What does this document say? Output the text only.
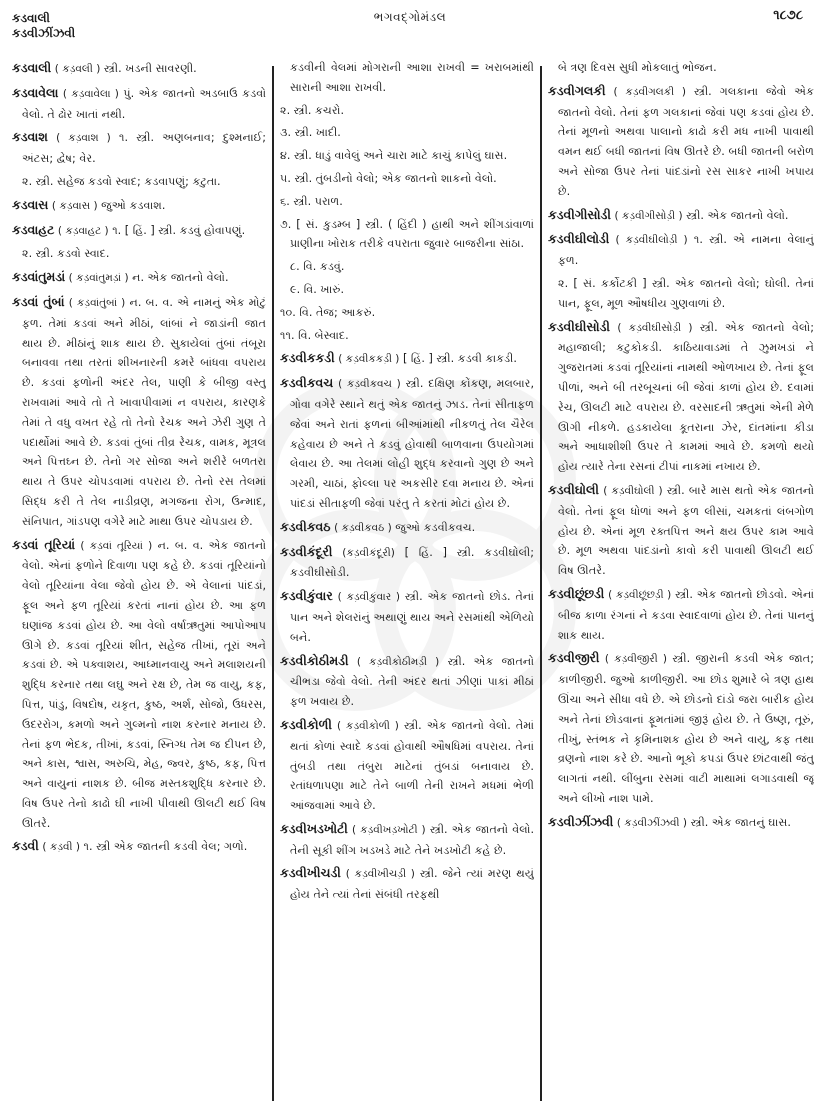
કડવાલી
કડવીઝીંઝવી
ભગવદ્ગોમંડલ	૧૮૭૮
કડવાલી ( કડ઼વલી ) સ્ત્રી. ખડની સાવરણી.
કડવાવેલા ( કડ઼વાવેલા ) પું. એક જાતનો અડબાઉ કડવો વેલો. તે ઢોર ખાતાં નથી.
કડવાશ ( કડ઼વાશ ) ૧. સ્ત્રી. અણબનાવ; દુશ્મનાઈ; અંટસ; દ્વેષ; વેર.
૨. સ્ત્રી. સહેજ કડવો સ્વાદ; કડવાપણું; કટુતા.
કડવાસ ( કડ઼વાસ ) જુઓ કડવાશ.
કડવાહટ ( કડ઼વાહટ ) ૧. [ હિં. ] સ્ત્રી. કડવું હોવાપણું.
૨. સ્ત્રી. કડવો સ્વાદ.
કડવાંતુમડાં ( કડ઼વાંતુમડ઼ાં ) ન. એક જાતનો વેલો.
કડવાં તુંબાં ( કડ઼વાંતુંબાં ) ન. બ. વ. એ નામનું એક મોટું ફળ. તેમાં કડવાં અને મીઠાં, લાંબાં ને જાડાંની જાત થાય છે. મીઠાંનું શાક થાય છે. સુકાયેલાં તુંબાં તંબૂરા બનાવવા તથા તરતાં શીખનારની કમરે બાંધવા વપરાય છે. કડવાં ફળોની અંદર તેલ, પાણી કે બીજી વસ્તુ રાખવામાં આવે તો તે ખાવાપીવામાં ન વપરાય, કારણકે તેમાં તે વધુ વખત રહે તો તેનો રેચક અને ઝેરી ગુણ તે પદાર્થોમાં આવે છે. કડવાં તુંબાં તીવ્ર રેચક, વામક, મૂત્રલ અને પિત્તઘ્ન છે. તેનો ગર સોજા અને શરીરે બળતરા થાય તે ઉપર ચોપડવામાં વપરાય છે. તેનો રસ તેલમાં સિદ્ધ કરી તે તેલ નાડીવ્રણ, મગજના રોગ, ઉન્માદ, સંનિપાત, ગાંડપણ વગેરે માટે માથા ઉપર ચોપડાય છે.
કડવાં તૂરિયાં ( કડ઼વાં તૂરિયાં ) ન. બ. વ. એક જાતનો વેલો. એનાં ફળોને દિવાળા પણ કહે છે. કડવાં તૂરિયાંનો વેલો તૂરિયાંના વેલા જેવો હોય છે. એ વેલાનાં પાંદડાં, ફૂલ અને ફળ તૂરિયાં કરતાં નાનાં હોય છે. આ ફળ ઘણાંજ કડવાં હોય છે. આ વેલો વર્ષાઋતુમાં આપોઆપ ઊગે છે. કડવાં તૂરિયાં શીત, સહેજ તીખાં, તૂરાં અને કડવાં છે. એ પક્વાશય, આધ્માનવાયુ અને મલાશયની શુદ્ધિ કરનાર તથા લઘુ અને રક્ષ છે, તેમ જ વાયુ, કફ, પિત્ત, પાંડુ, વિષદોષ, યકૃત, કુષ્ઠ, અર્શ, સોજો, ઉધરસ, ઉદરરોગ, કમળો અને ગુલ્મનો નાશ કરનાર મનાય છે. તેનાં ફળ ભેદક, તીખાં, કડવાં, સ્નિગ્ધ તેમ જ દીપન છે, અને કાસ, શ્વાસ, અરુચિ, મેહ, જ્વર, કુષ્ઠ, કફ, પિત્ત અને વાયુનાં નાશક છે. બીજ મસ્તકશુદ્ધિ કરનાર છે. વિષ ઉપર તેનો કાઢો ઘી નાખી પીવાથી ઊલટી થઈ વિષ ઊતરે.
કડવી ( કડ઼વી ) ૧. સ્ત્રી એક જાતની કડવી વેલ; ગળો.
કડવીની વેલમાં મોગરાની આશા રાખવી = ખરાબમાંથી સારાની આશા રાખવી.
૨. સ્ત્રી. કચરો.
૩. સ્ત્રી. ખાદી.
૪. સ્ત્રી. ધાડું વાવેલું અને ચારા માટે કાચું કાપેલું ઘાસ.
૫. સ્ત્રી. તુંબડીનો વેલો; એક જાતનો શાકનો વેલો.
૬. સ્ત્રી. પરાળ.
૭. [ સં. કુડમ્બ ] સ્ત્રી. ( હિંદી ) હાથી અને શીંગડાંવાળાં પ્રાણીના ખોરાક તરીકે વપરાતા જુવાર બાજરીના સાંઠા.
૮. વિ. કડવું.
૯. વિ. ખારું.
૧૦. વિ. તેજ; આકરું.
૧૧. વિ. બેસ્વાદ.
કડવીકકડી ( કડ઼વીકકડ઼ી ) [ હિં. ] સ્ત્રી. કડવી કાકડી.
કડવીકવચ ( કડ઼વીકવચ ) સ્ત્રી. દક્ષિણ કોંકણ, મલબાર, ગોવા વગેરે સ્થાને થતું એક જાતનું ઝાડ. તેનાં સીતાફળ જેવાં અને રાતાં ફળનાં બીઆંમાંથી નીકળતું તેલ ચૈરેલ કહેવાય છે અને તે કડવું હોવાથી બાળવાના ઉપયોગમાં લેવાય છે. આ તેલમાં લોહી શુદ્ધ કરવાનો ગુણ છે અને ગરમી, ચાઠાં, ફોલ્લા પર અકસીર દવા મનાય છે. એનાં પાંદડાં સીતાફળી જેવાં પરંતુ તે કરતાં મોટાં હોય છે.
કડવીકવઠ ( કડ઼વીકવઠ ) જુઓ કડવીકવચ.
કડવીકંદૂરી (કડ઼વીકંદૂરી) [ હિં. ] સ્ત્રી. કડવીઘોલી; કડવીઘીસોડી.
કડવીકુંવાર ( કડ઼વીકુંવાર ) સ્ત્રી. એક જાતનો છોડ. તેનાં પાન અને શેલરાંનું અથાણું થાય અને રસમાંથી એળિયો બને.
કડવીકોઠીમડી ( કડ઼વીકોઠીમડ઼ી ) સ્ત્રી. એક જાતનો ચીભડા જેવો વેલો. તેની અંદર થતાં ઝીણાં પાકાં મીઠાં ફળ ખવાય છે.
કડવીકોળી ( કડ઼વીકોળી ) સ્ત્રી. એક જાતનો વેલો. તેમાં થતાં કોળાં સ્વાદે કડવાં હોવાથી ઔષધિમાં વપરાય. તેનાં તુંબડી તથા તંબુરા માટેનાં તુંબડાં બનાવાય છે. રતાંધળાપણા માટે તેને બાળી તેની રાખને મધમાં ભેળી આંજવામાં આવે છે.
કડવીખડખોટી ( કડ઼વીખડ઼ખોટી ) સ્ત્રી. એક જાતનો વેલો. તેની સૂકી શીંગ ખડખડે માટે તેને ખડખોટી કહે છે.
કડવીખીચડી ( કડ઼વીખીચડ઼ી ) સ્ત્રી. જેને ત્યાં મરણ થયું હોય તેને ત્યાં તેનાં સંબંધી તરફથી
બે ત્રણ દિવસ સુધી મોકલાતું ભોજન.
કડવીગલકી ( કડ઼વીગલકી ) સ્ત્રી. ગલકાના જેવો એક જાતનો વેલો. તેનાં ફળ ગલકાનાં જેવાં પણ કડવાં હોય છે. તેનાં મૂળનો અથવા પાલાનો કાઢો કરી મધ નાખી પાવાથી વમન થઈ બધી જાતનાં વિષ ઊતરે છે. બધી જાતની બરોળ અને સોજા ઉપર તેનાં પાંદડાંનો રસ સાકર નાખી ખપાય છે.
કડવીગીસોડી ( કડ઼વીગીસોડ઼ી ) સ્ત્રી. એક જાતનો વેલો.
કડવીઘીલોડી ( કડ઼વીઘીલોડ઼ી ) ૧. સ્ત્રી. એ નામના વેલાનું ફળ.
૨. [ સં. કર્કોટકી ] સ્ત્રી. એક જાતનો વેલો; ઘોલી. તેનાં પાન, ફૂલ, મૂળ ઔષધીય ગુણવાળાં છે.
કડવીઘીસોડી ( કડ઼વીઘીસોડ઼ી ) સ્ત્રી. એક જાતનો વેલો; મહાજાલી; કટુકોકડી. કાઠિયાવાડમાં તે ઝુમખડાં ને ગુજરાતમાં કડવાં તૂરિયાંનાં નામથી ઓળખાય છે. તેનાં ફૂલ પીળાં, અને બી તરબૂચનાં બી જેવાં કાળાં હોય છે. દવામાં રેચ, ઊલટી માટે વપરાય છે. વરસાદની ઋતુમાં એની મેળે ઊગી નીકળે. હડકાયેલા કૂતરાના ઝેર, દાંતમાંના કીડા અને આધાશીશી ઉપર તે કામમાં આવે છે. કમળો થયો હોય ત્યારે તેના રસનાં ટીપાં નાકમાં નખાય છે.
કડવીઘોલી ( કડ઼વીઘોલી ) સ્ત્રી. બારે માસ થતો એક જાતનો વેલો. તેનાં ફૂલ ધોળાં અને ફળ લીસાં, ચમકતાં લંબગોળ હોય છે. એનાં મૂળ રક્તપિત્ત અને ક્ષય ઉપર કામ આવે છે. મૂળ અથવા પાંદડાંનો કાવો કરી પાવાથી ઊલટી થઈ વિષ ઊતરે.
કડવીછૂંછડી ( કડ઼વીછૂંછડ઼ી ) સ્ત્રી. એક જાતનો છોડવો. એનાં બીજ કાળા રંગનાં ને કડવા સ્વાદવાળાં હોય છે. તેનાં પાનનું શાક થાય.
કડવીજીરી ( કડ઼વીજીરી ) સ્ત્રી. જીરાની કડવી એક જાત; કાળીજીરી. જુઓ કાળીજીરી. આ છોડ શુમારે બે ત્રણ હાથ ઊંચા અને સીધા વધે છે. એ છોડનો દાંડો જરા બારીક હોય અને તેનાં છોડવાનાં ફૂમતાંમાં જીરૂં હોય છે. તે ઉષ્ણ, તૂરું, તીખું, સ્તંભક ને કૃમિનાશક હોય છે અને વાયુ, કફ તથા વ્રણનો નાશ કરે છે. આનો ભૂકો કપડાં ઉપર છાંટવાથી જંતુ લાગતાં નથી. લીંબુના રસમાં વાટી માથામાં લગાડવાથી જૂ અને લીખો નાશ પામે.
કડવીઝીંઝવી ( કડ઼વીઝીંઝવી ) સ્ત્રી. એક જાતનું ઘાસ.
